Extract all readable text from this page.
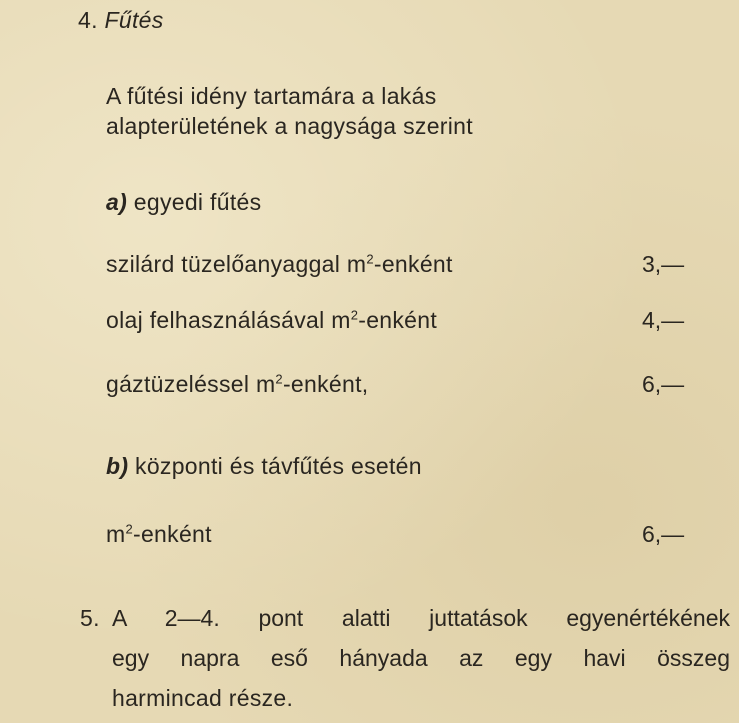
4. Fűtés
A fűtési idény tartamára a lakás
alapterületének a nagysága szerint
a) egyedi fűtés
szilárd tüzelőanyaggal $m^2$-enként	3,—
olaj felhasználásával $m^2$-enként	4,—
gáztüzeléssel $m^2$-enként,	6,—
b) központi és távfűtés esetén
$m^2$-enként	6,—
5. A 2—4. pont alatti juttatások egyenértékének
egy napra eső hányada az egy havi összeg
harmincad része.
